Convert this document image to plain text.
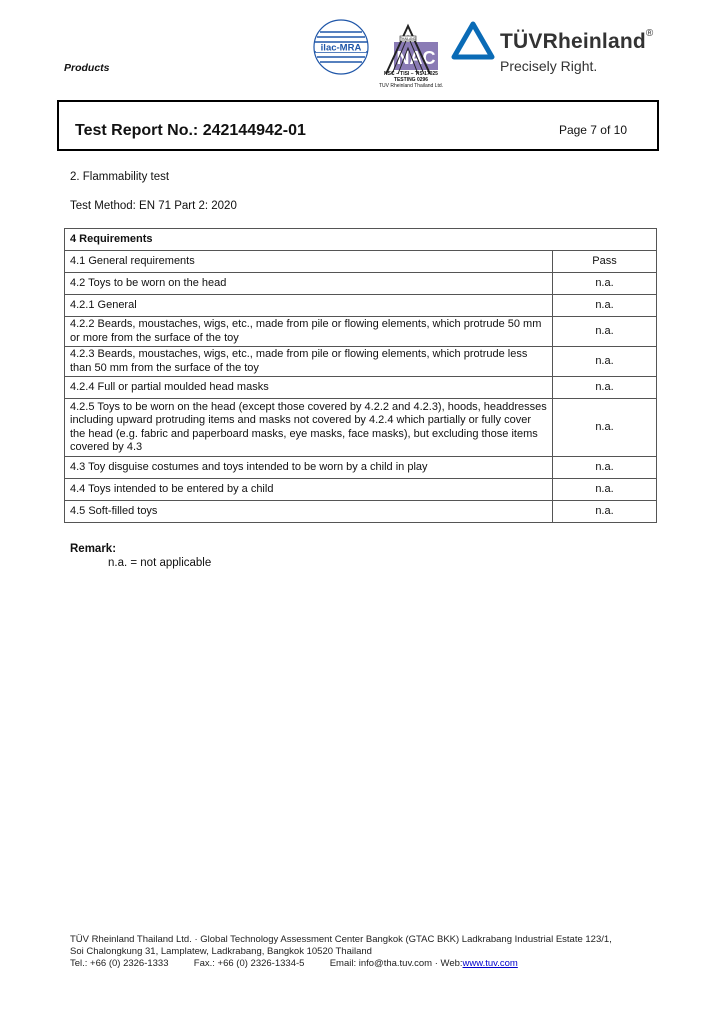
Products
ilac-MRA NAC
THAILAND
NSC – TISI – TIS 17025
TESTING 0296
TUV Rheinland Thailand Ltd.
TÜVRheinland®
Precisely Right.
Test Report No.: 242144942-01	Page 7 of 10
2. Flammability test
Test Method: EN 71 Part 2: 2020
4 Requirements	
4.1 General requirements	Pass
4.2 Toys to be worn on the head	n.a.
4.2.1 General	n.a.
4.2.2 Beards, moustaches, wigs, etc., made from pile or flowing elements, which protrude 50 mm or more from the surface of the toy	n.a.
4.2.3 Beards, moustaches, wigs, etc., made from pile or flowing elements, which protrude less than 50 mm from the surface of the toy	n.a.
4.2.4 Full or partial moulded head masks	n.a.
4.2.5 Toys to be worn on the head (except those covered by 4.2.2 and 4.2.3), hoods, headdresses including upward protruding items and masks not covered by 4.2.4 which partially or fully cover the head (e.g. fabric and paperboard masks, eye masks, face masks), but excluding those items covered by 4.3	n.a.
4.3 Toy disguise costumes and toys intended to be worn by a child in play	n.a.
4.4 Toys intended to be entered by a child	n.a.
4.5 Soft-filled toys	n.a.
Remark:
n.a. = not applicable
TÜV Rheinland Thailand Ltd. · Global Technology Assessment Center Bangkok (GTAC BKK) Ladkrabang Industrial Estate 123/1,
Soi Chalongkung 31, Lamplatew, Ladkrabang, Bangkok 10520 Thailand
Tel.: +66 (0) 2326-1333	Fax.: +66 (0) 2326-1334-5	Email: info@tha.tuv.com · Web:www.tuv.com
